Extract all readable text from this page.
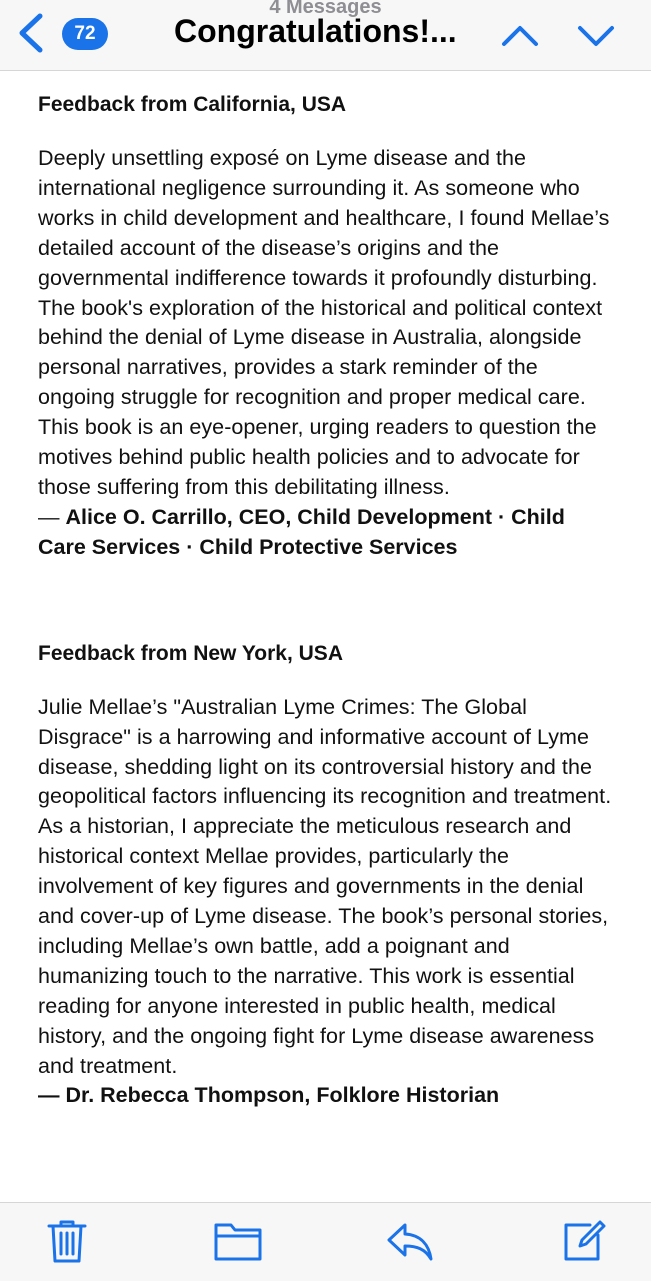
4 Messages
72	Congratulations!...

Feedback from California, USA

Deeply unsettling exposé on Lyme disease and the international negligence surrounding it. As someone who works in child development and healthcare, I found Mellae’s detailed account of the disease’s origins and the governmental indifference towards it profoundly disturbing. The book's exploration of the historical and political context behind the denial of Lyme disease in Australia, alongside personal narratives, provides a stark reminder of the ongoing struggle for recognition and proper medical care. This book is an eye-opener, urging readers to question the motives behind public health policies and to advocate for those suffering from this debilitating illness.

— Alice O. Carrillo, CEO, Child Development · Child Care Services · Child Protective Services

Feedback from New York, USA

Julie Mellae’s "Australian Lyme Crimes: The Global Disgrace" is a harrowing and informative account of Lyme disease, shedding light on its controversial history and the geopolitical factors influencing its recognition and treatment. As a historian, I appreciate the meticulous research and historical context Mellae provides, particularly the involvement of key figures and governments in the denial and cover-up of Lyme disease. The book’s personal stories, including Mellae’s own battle, add a poignant and humanizing touch to the narrative. This work is essential reading for anyone interested in public health, medical history, and the ongoing fight for Lyme disease awareness and treatment.

— Dr. Rebecca Thompson, Folklore Historian
